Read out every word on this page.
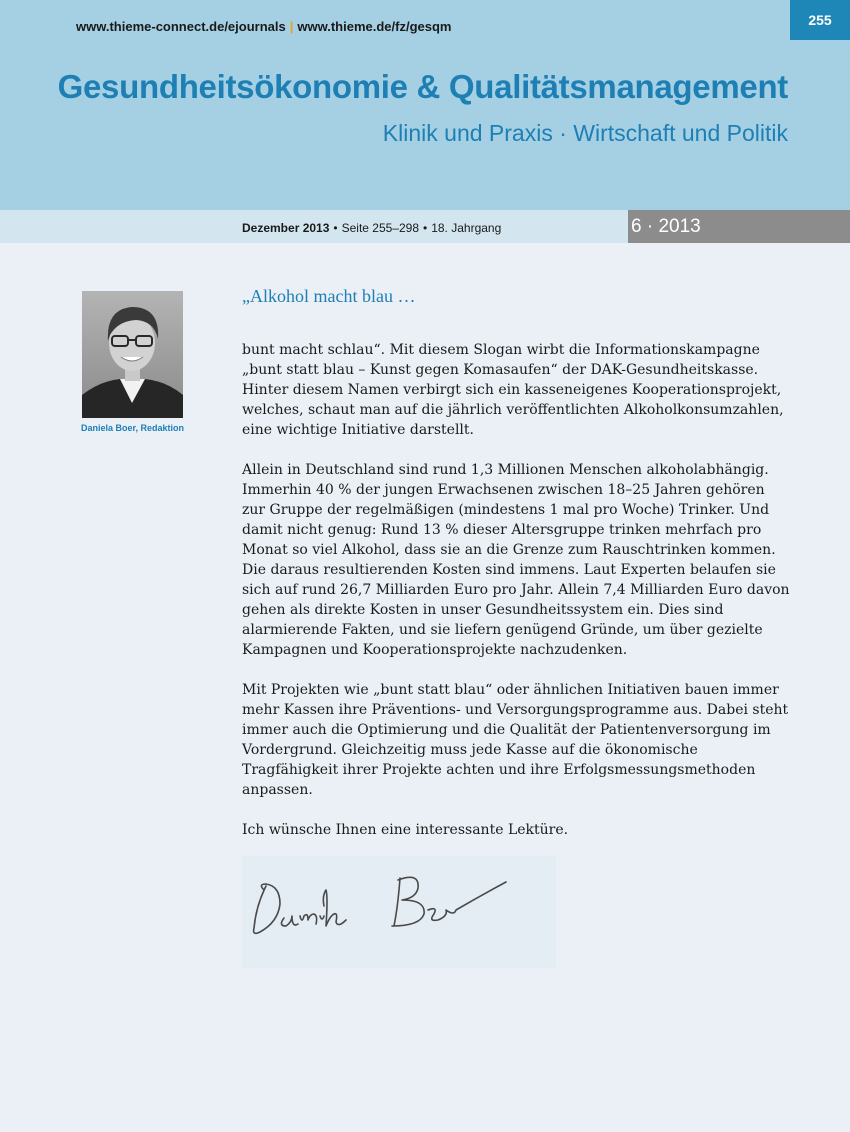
www.thieme-connect.de/ejournals | www.thieme.de/fz/gesqm	255
Gesundheitsökonomie & Qualitätsmanagement
Klinik und Praxis · Wirtschaft und Politik
Dezember 2013 • Seite 255–298 • 18. Jahrgang	6 · 2013
Daniela Boer, Redaktion
„Alkohol macht blau …

bunt macht schlau“. Mit diesem Slogan wirbt die Informationskampagne „bunt statt blau – Kunst gegen Komasaufen“ der DAK-Gesundheitskasse. Hinter diesem Namen verbirgt sich ein kasseneigenes Kooperationsprojekt, welches, schaut man auf die jährlich veröffentlichten Alkoholkonsumzahlen, eine wichtige Initiative darstellt.

Allein in Deutschland sind rund 1,3 Millionen Menschen alkoholabhängig. Immerhin 40 % der jungen Erwachsenen zwischen 18–25 Jahren gehören zur Gruppe der regelmäßigen (mindestens 1 mal pro Woche) Trinker. Und damit nicht genug: Rund 13 % dieser Altersgruppe trinken mehrfach pro Monat so viel Alkohol, dass sie an die Grenze zum Rauschtrinken kommen. Die daraus resultierenden Kosten sind immens. Laut Experten belaufen sie sich auf rund 26,7 Milliarden Euro pro Jahr. Allein 7,4 Milliarden Euro davon gehen als direkte Kosten in unser Gesundheitssystem ein. Dies sind alarmierende Fakten, und sie liefern genügend Gründe, um über gezielte Kampagnen und Kooperationsprojekte nachzudenken.

Mit Projekten wie „bunt statt blau“ oder ähnlichen Initiativen bauen immer mehr Kassen ihre Präventions- und Versorgungsprogramme aus. Dabei steht immer auch die Optimierung und die Qualität der Patientenversorgung im Vordergrund. Gleichzeitig muss jede Kasse auf die ökonomische Tragfähigkeit ihrer Projekte achten und ihre Erfolgsmessungsmethoden anpassen.

Ich wünsche Ihnen eine interessante Lektüre.
